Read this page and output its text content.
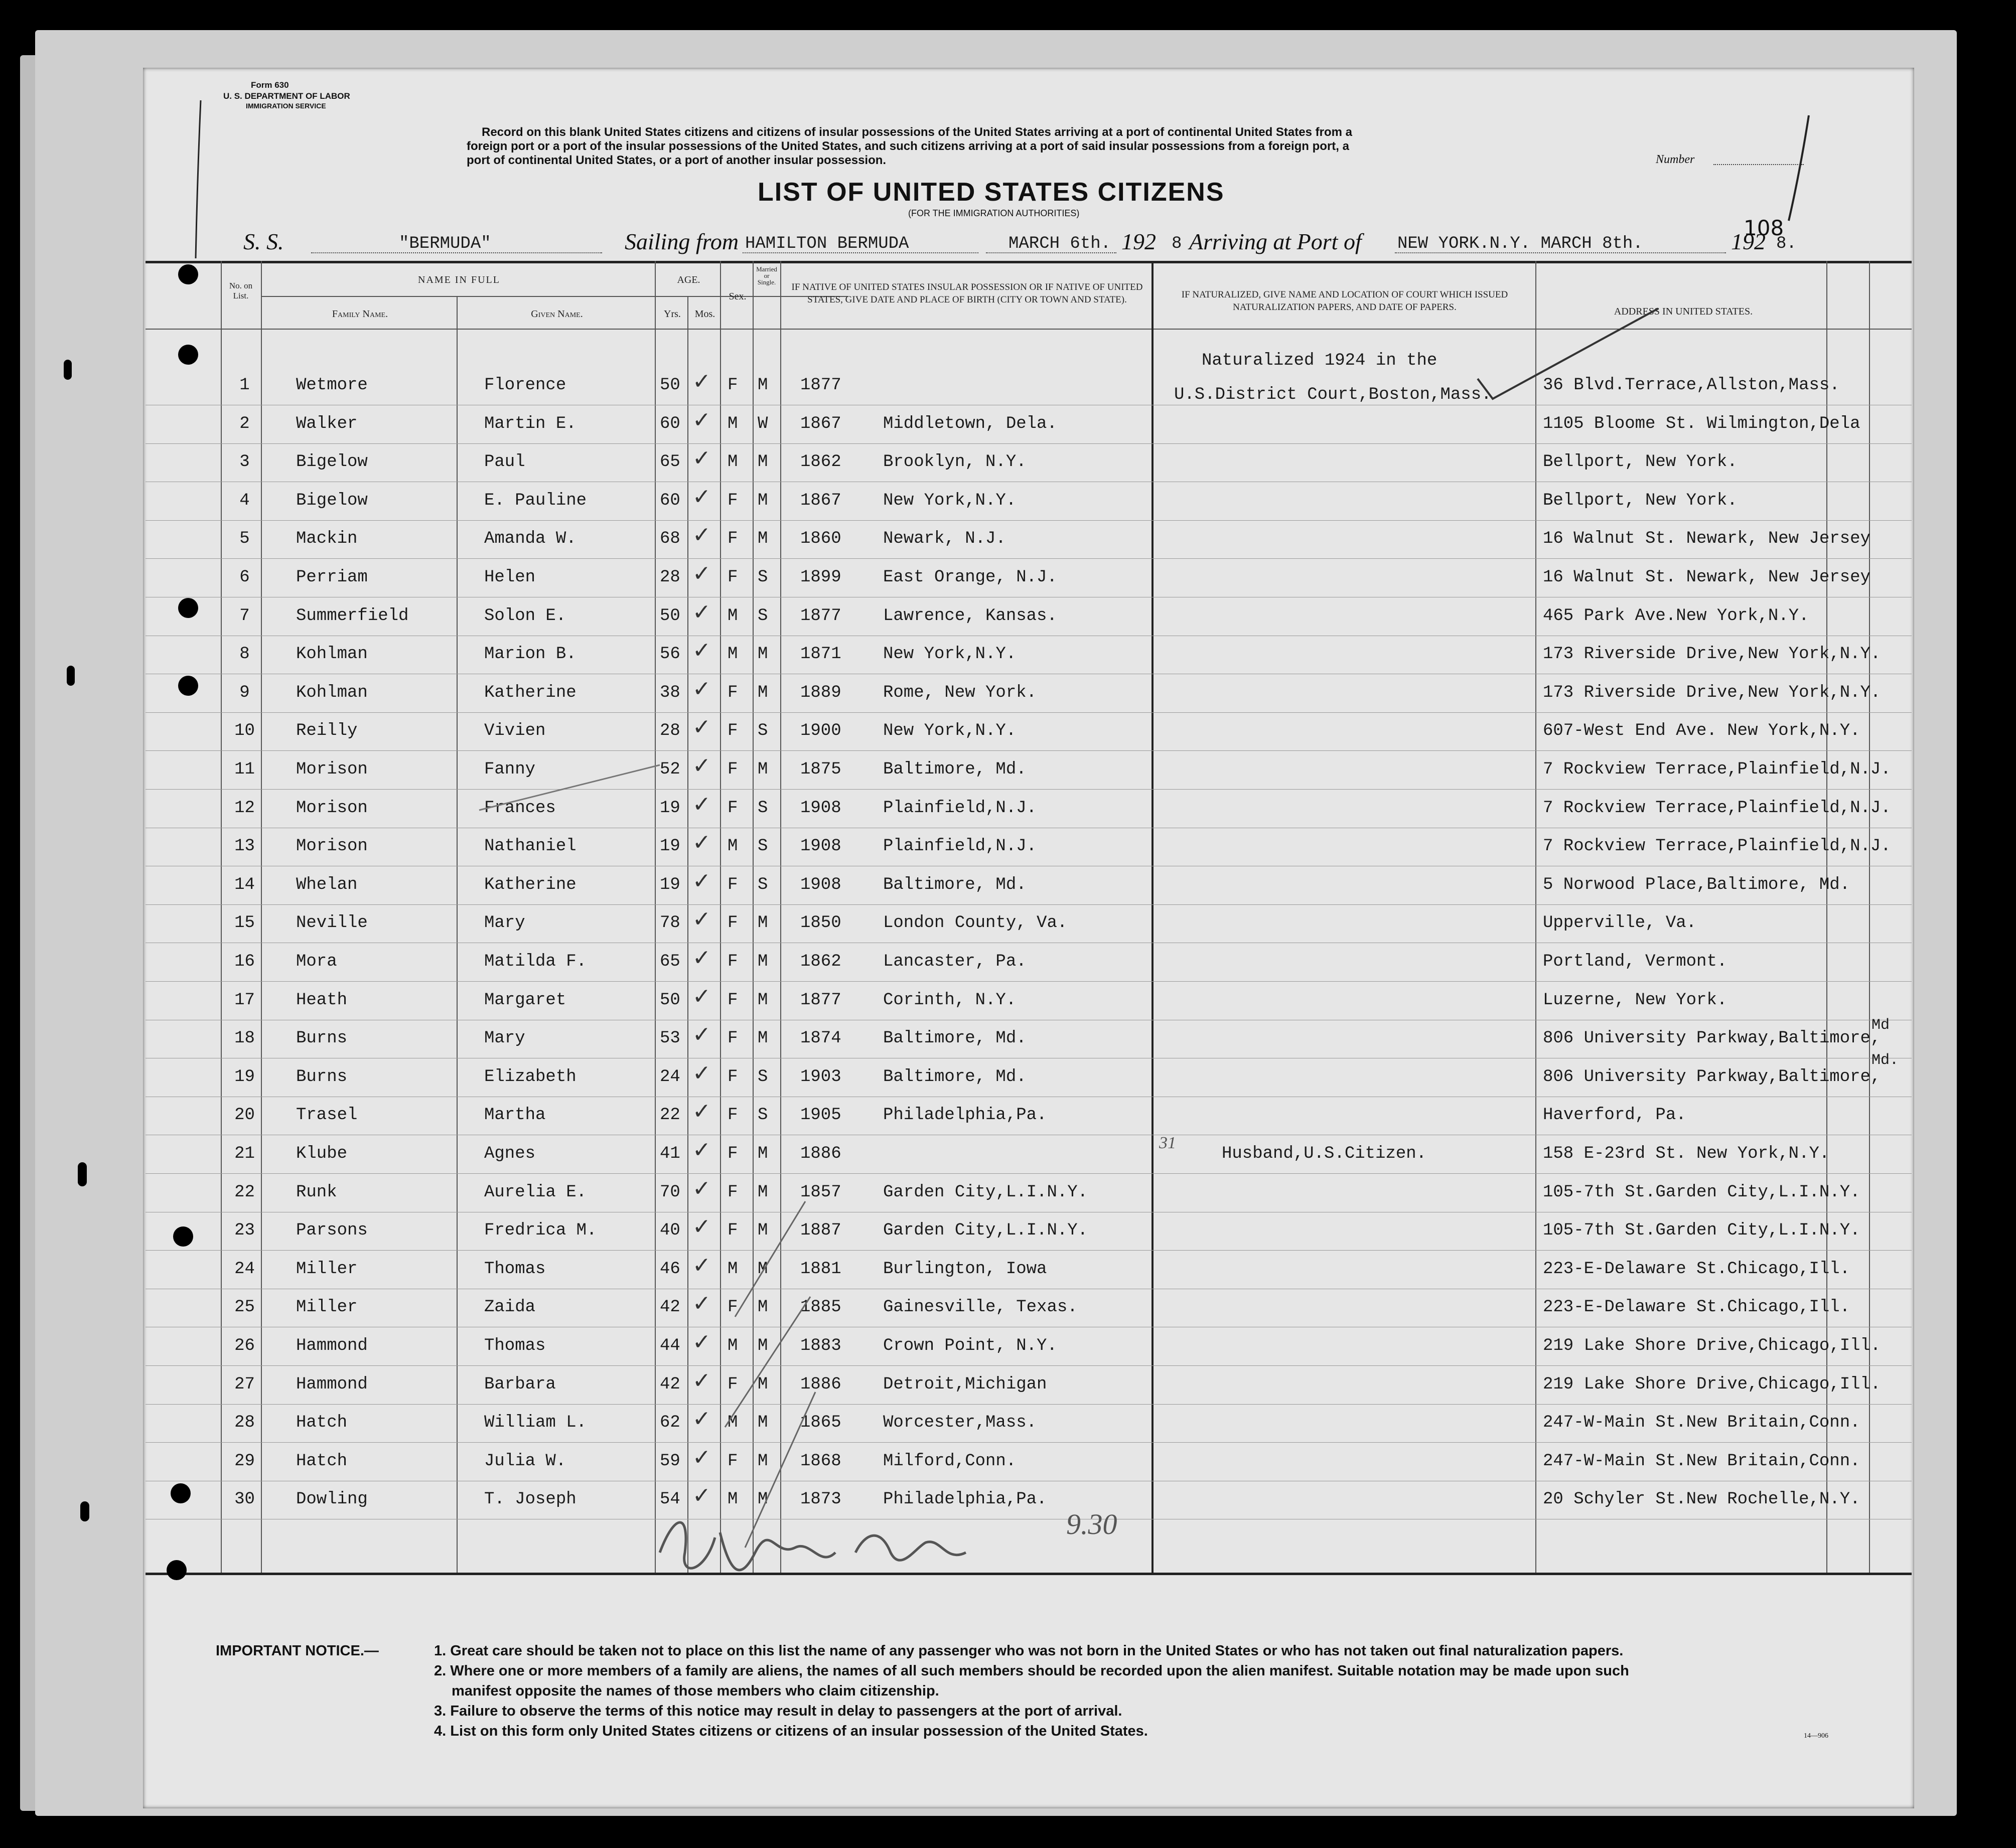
Form 630
U. S. DEPARTMENT OF LABOR
IMMIGRATION SERVICE
Record on this blank United States citizens and citizens of insular possessions of the United States arriving at a port of continental United States from a
foreign port or a port of the insular possessions of the United States, and such citizens arriving at a port of said insular possessions from a foreign port, a
port of continental United States, or a port of another insular possession.	Number
LIST OF UNITED STATES CITIZENS
(FOR THE IMMIGRATION AUTHORITIES)
108
S. S.	"BERMUDA"	Sailing from HAMILTON BERMUDA	MARCH 6th. 192 8 Arriving at Port of NEW YORK.N.Y. MARCH 8th.	192 8.
No. on List.
NAME IN FULL
Family Name.	Given Name.
AGE.
Yrs.	Mos.
Sex.
Married or Single.	IF NATIVE OF UNITED STATES INSULAR POSSESSION OR IF NATIVE OF UNITED STATES, GIVE DATE AND PLACE OF BIRTH (CITY OR TOWN AND STATE).	IF NATURALIZED, GIVE NAME AND LOCATION OF COURT WHICH ISSUED NATURALIZATION PAPERS, AND DATE OF PAPERS.	ADDRESS IN UNITED STATES.
1	Wetmore	Florence	50	F M 1877	36 Blvd.Terrace,Allston,Mass.
✓
2	Walker	Martin E.	60	M W 1867 Middletown, Dela.	1105 Bloome St. Wilmington,Dela
✓
3	Bigelow	Paul	65	M M 1862 Brooklyn, N.Y.	Bellport, New York.
✓
4	Bigelow	E. Pauline	60	F M 1867 New York,N.Y.	Bellport, New York.
✓
5	Mackin	Amanda W.	68	F M 1860 Newark, N.J.	16 Walnut St. Newark, New Jersey
✓
6	Perriam	Helen	28	F S 1899 East Orange, N.J.	16 Walnut St. Newark, New Jersey
✓
7	Summerfield	Solon E.	50	M S 1877 Lawrence, Kansas.	465 Park Ave.New York,N.Y.
✓
8	Kohlman	Marion B.	56	M M 1871 New York,N.Y.	173 Riverside Drive,New York,N.Y.
✓
9	Kohlman	Katherine	38	F M 1889 Rome, New York.	173 Riverside Drive,New York,N.Y.
✓
10 Reilly	Vivien	28	F S 1900 New York,N.Y.	607-West End Ave. New York,N.Y.
✓
11 Morison	Fanny	52	F M 1875 Baltimore, Md.	7 Rockview Terrace,Plainfield,N.J.
✓
12 Morison	Frances	19	F S 1908 Plainfield,N.J.	7 Rockview Terrace,Plainfield,N.J.
✓
13 Morison	Nathaniel	19	M S 1908 Plainfield,N.J.	7 Rockview Terrace,Plainfield,N.J.
✓
14 Whelan	Katherine	19	F S 1908 Baltimore, Md.	5 Norwood Place,Baltimore, Md.
✓
15 Neville	Mary	78	F M 1850 London County, Va.	Upperville, Va.
✓
16 Mora	Matilda F.	65	F M 1862 Lancaster, Pa.	Portland, Vermont.
✓
17 Heath	Margaret	50	F M 1877 Corinth, N.Y.	Luzerne, New York.
✓
18 Burns	Mary	53	F M 1874 Baltimore, Md.	806 University Parkway,Baltimore,
✓
19 Burns	Elizabeth	24	F S 1903 Baltimore, Md.	806 University Parkway,Baltimore,
✓
20 Trasel	Martha	22	F S 1905 Philadelphia,Pa.	Haverford, Pa.
✓
21 Klube	Agnes	41	F M 1886	Husband,U.S.Citizen.	158 E-23rd St. New York,N.Y.
✓
22 Runk	Aurelia E.	70	F M 1857 Garden City,L.I.N.Y.	105-7th St.Garden City,L.I.N.Y.
✓
23 Parsons	Fredrica M.	40	F M 1887 Garden City,L.I.N.Y.	105-7th St.Garden City,L.I.N.Y.
✓
24 Miller	Thomas	46	M M 1881 Burlington, Iowa	223-E-Delaware St.Chicago,Ill.
✓
25 Miller	Zaida	42	F M 1885 Gainesville, Texas.	223-E-Delaware St.Chicago,Ill.
✓
26 Hammond	Thomas	44	M M 1883 Crown Point, N.Y.	219 Lake Shore Drive,Chicago,Ill.
✓
27 Hammond	Barbara	42	F M 1886 Detroit,Michigan	219 Lake Shore Drive,Chicago,Ill.
✓
28 Hatch	William L.	62	M M 1865 Worcester,Mass.	247-W-Main St.New Britain,Conn.
✓
29 Hatch	Julia W.	59	F M 1868 Milford,Conn.	247-W-Main St.New Britain,Conn.
✓
30 Dowling	T. Joseph	54	M M 1873 Philadelphia,Pa.	20 Schyler St.New Rochelle,N.Y.
✓
Naturalized 1924 in the
U.S.District Court,Boston,Mass.
Md
Md.
31
9.30
IMPORTANT NOTICE.—	1. Great care should be taken not to place on this list the name of any passenger who was not born in the United States or who has not taken out final naturalization papers.
2. Where one or more members of a family are aliens, the names of all such members should be recorded upon the alien manifest. Suitable notation may be made upon such
manifest opposite the names of those members who claim citizenship.
3. Failure to observe the terms of this notice may result in delay to passengers at the port of arrival.
4. List on this form only United States citizens or citizens of an insular possession of the United States.	14—906
